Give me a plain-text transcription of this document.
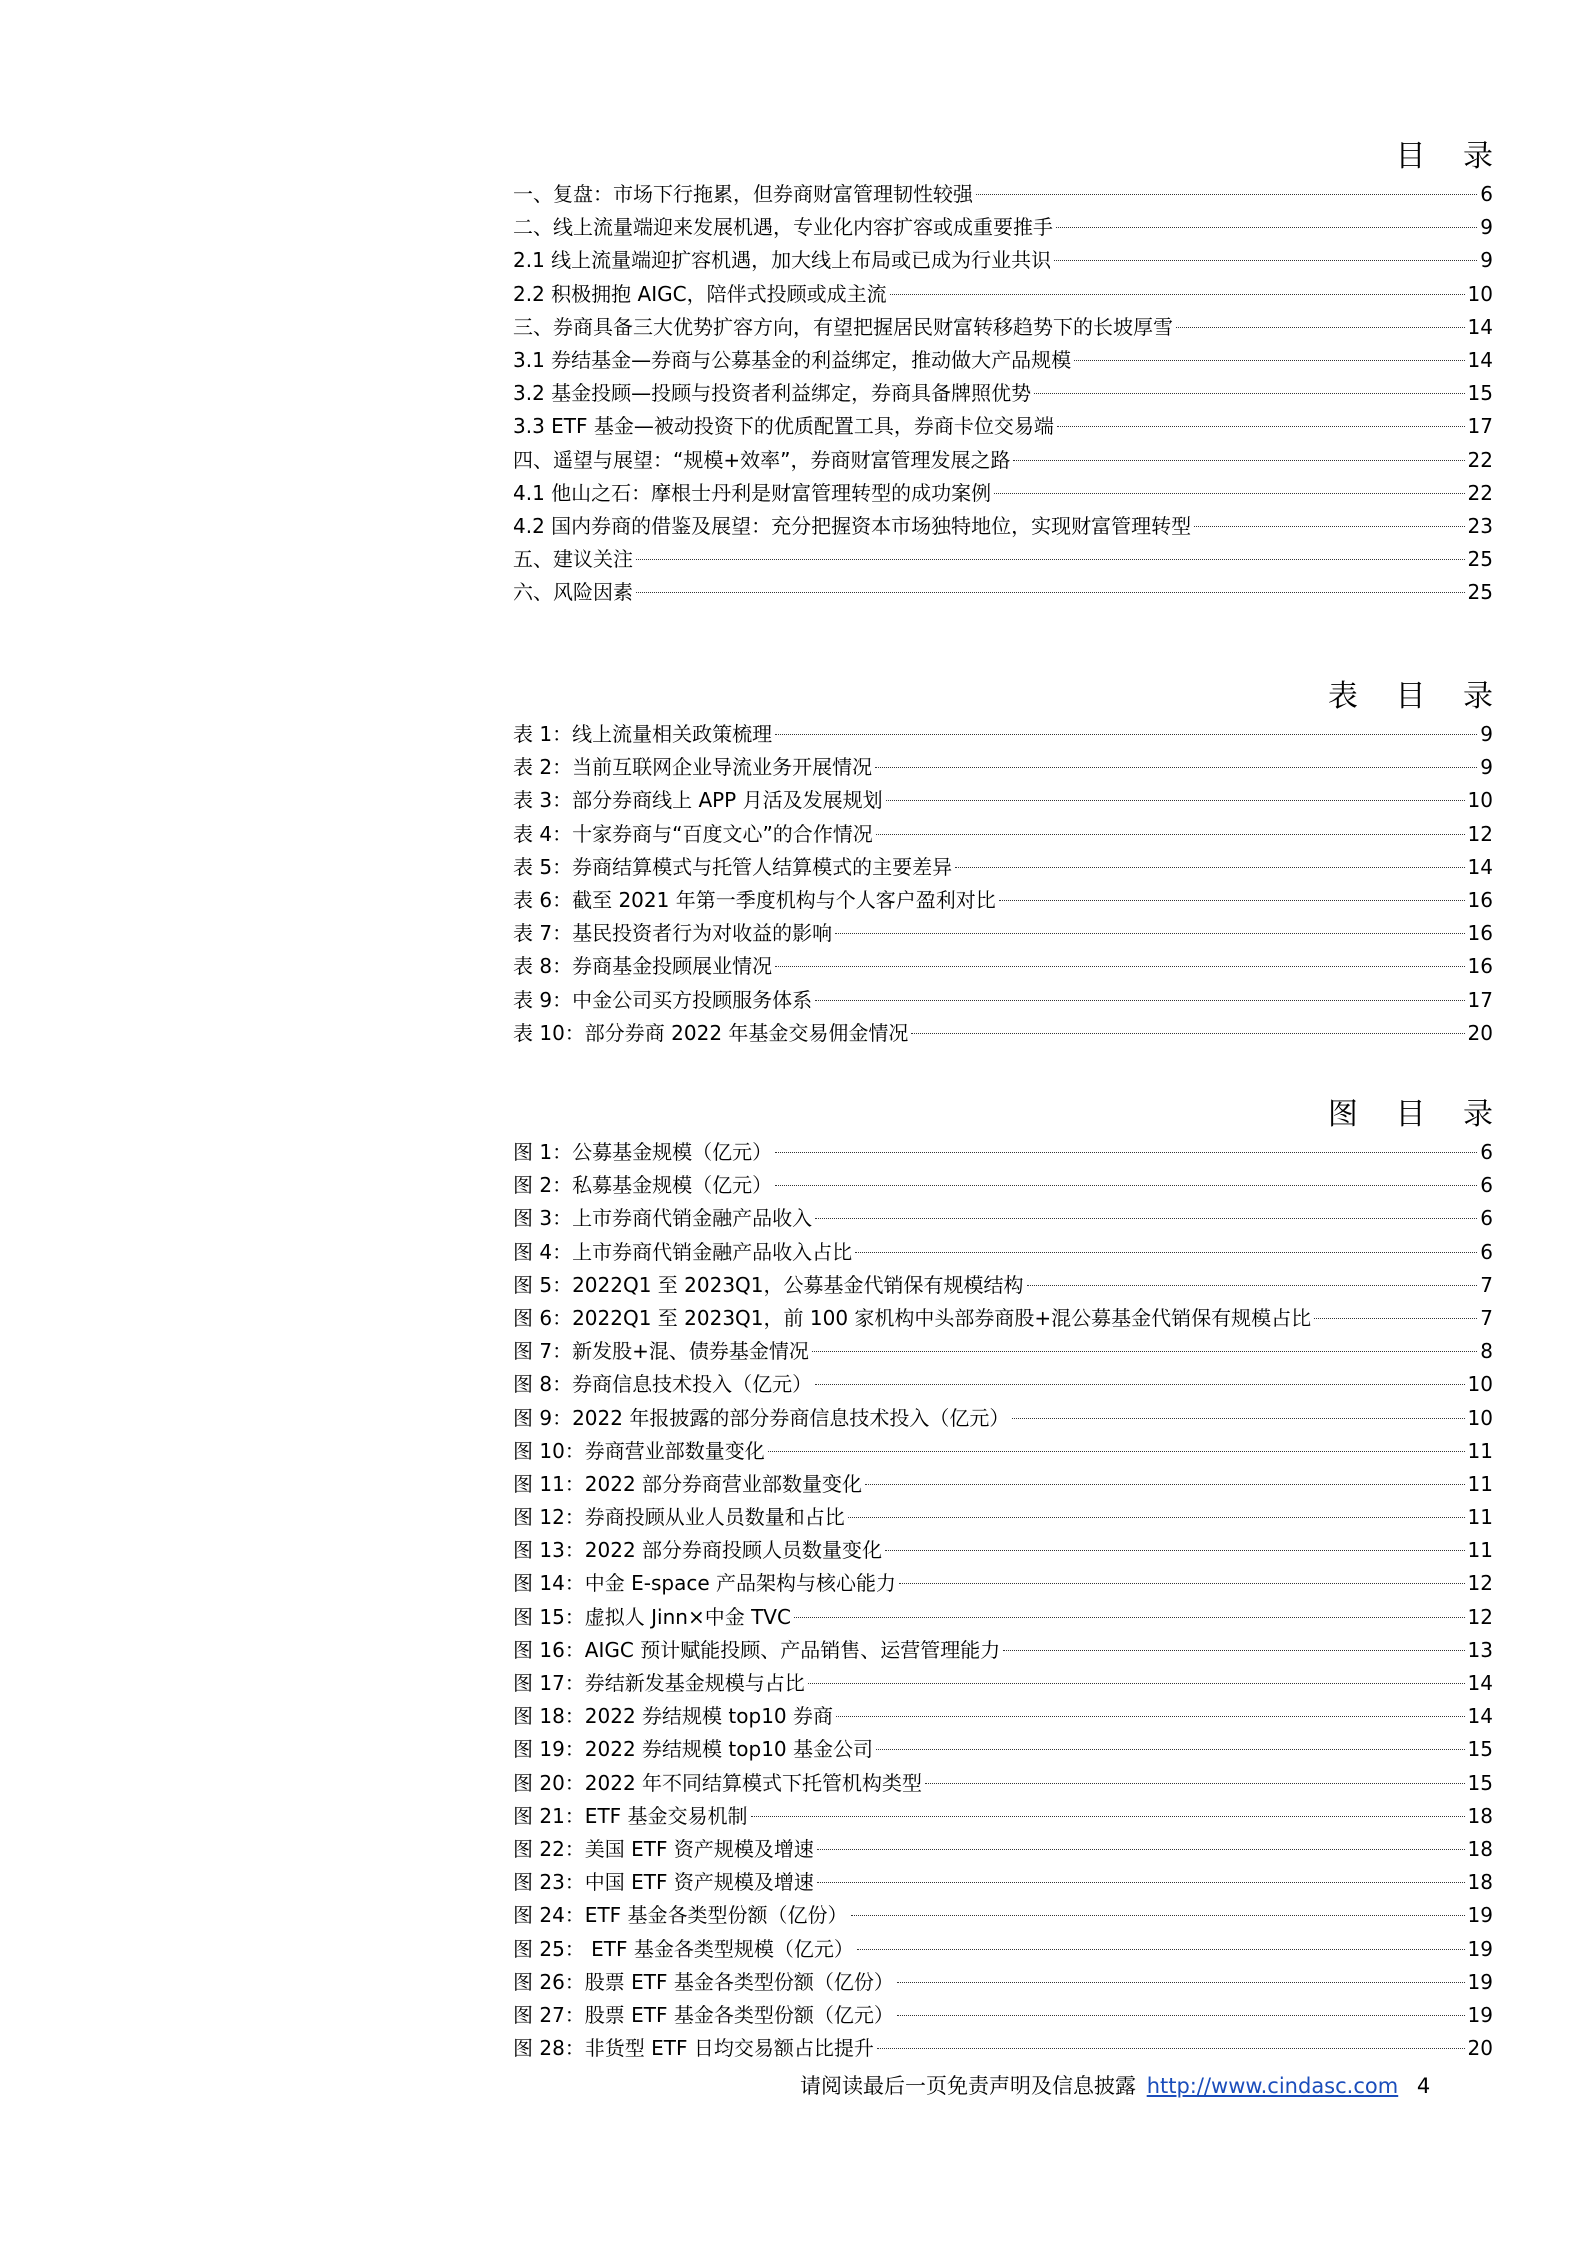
目 录
一、复盘：市场下行拖累，但券商财富管理韧性较强	6
二、线上流量端迎来发展机遇，专业化内容扩容或成重要推手	9
2.1 线上流量端迎扩容机遇，加大线上布局或已成为行业共识	9
2.2 积极拥抱 AIGC，陪伴式投顾或成主流	10
三、券商具备三大优势扩容方向，有望把握居民财富转移趋势下的长坡厚雪	14
3.1 券结基金—券商与公募基金的利益绑定，推动做大产品规模	14
3.2 基金投顾—投顾与投资者利益绑定，券商具备牌照优势	15
3.3 ETF 基金—被动投资下的优质配置工具，券商卡位交易端	17
四、遥望与展望：“规模+效率”，券商财富管理发展之路	22
4.1 他山之石：摩根士丹利是财富管理转型的成功案例	22
4.2 国内券商的借鉴及展望：充分把握资本市场独特地位，实现财富管理转型	23
五、建议关注	25
六、风险因素	25
表 目 录
表 1：线上流量相关政策梳理	9
表 2：当前互联网企业导流业务开展情况	9
表 3：部分券商线上 APP 月活及发展规划	10
表 4：十家券商与“百度文心”的合作情况	12
表 5：券商结算模式与托管人结算模式的主要差异	14
表 6：截至 2021 年第一季度机构与个人客户盈利对比	16
表 7：基民投资者行为对收益的影响	16
表 8：券商基金投顾展业情况	16
表 9：中金公司买方投顾服务体系	17
表 10：部分券商 2022 年基金交易佣金情况	20
图 目 录
图 1：公募基金规模（亿元）	6
图 2：私募基金规模（亿元）	6
图 3：上市券商代销金融产品收入	6
图 4：上市券商代销金融产品收入占比	6
图 5：2022Q1 至 2023Q1，公募基金代销保有规模结构	7
图 6：2022Q1 至 2023Q1，前 100 家机构中头部券商股+混公募基金代销保有规模占比	7
图 7：新发股+混、债券基金情况	8
图 8：券商信息技术投入（亿元）	10
图 9：2022 年报披露的部分券商信息技术投入（亿元）	10
图 10：券商营业部数量变化	11
图 11：2022 部分券商营业部数量变化	11
图 12：券商投顾从业人员数量和占比	11
图 13：2022 部分券商投顾人员数量变化	11
图 14：中金 E-space 产品架构与核心能力	12
图 15：虚拟人 Jinn×中金 TVC	12
图 16：AIGC 预计赋能投顾、产品销售、运营管理能力	13
图 17：券结新发基金规模与占比	14
图 18：2022 券结规模 top10 券商	14
图 19：2022 券结规模 top10 基金公司	15
图 20：2022 年不同结算模式下托管机构类型	15
图 21：ETF 基金交易机制	18
图 22：美国 ETF 资产规模及增速	18
图 23：中国 ETF 资产规模及增速	18
图 24：ETF 基金各类型份额（亿份）	19
图 25： ETF 基金各类型规模（亿元）	19
图 26：股票 ETF 基金各类型份额（亿份）	19
图 27：股票 ETF 基金各类型份额（亿元）	19
图 28：非货型 ETF 日均交易额占比提升	20
请阅读最后一页免责声明及信息披露 http://www.cindasc.com 4
